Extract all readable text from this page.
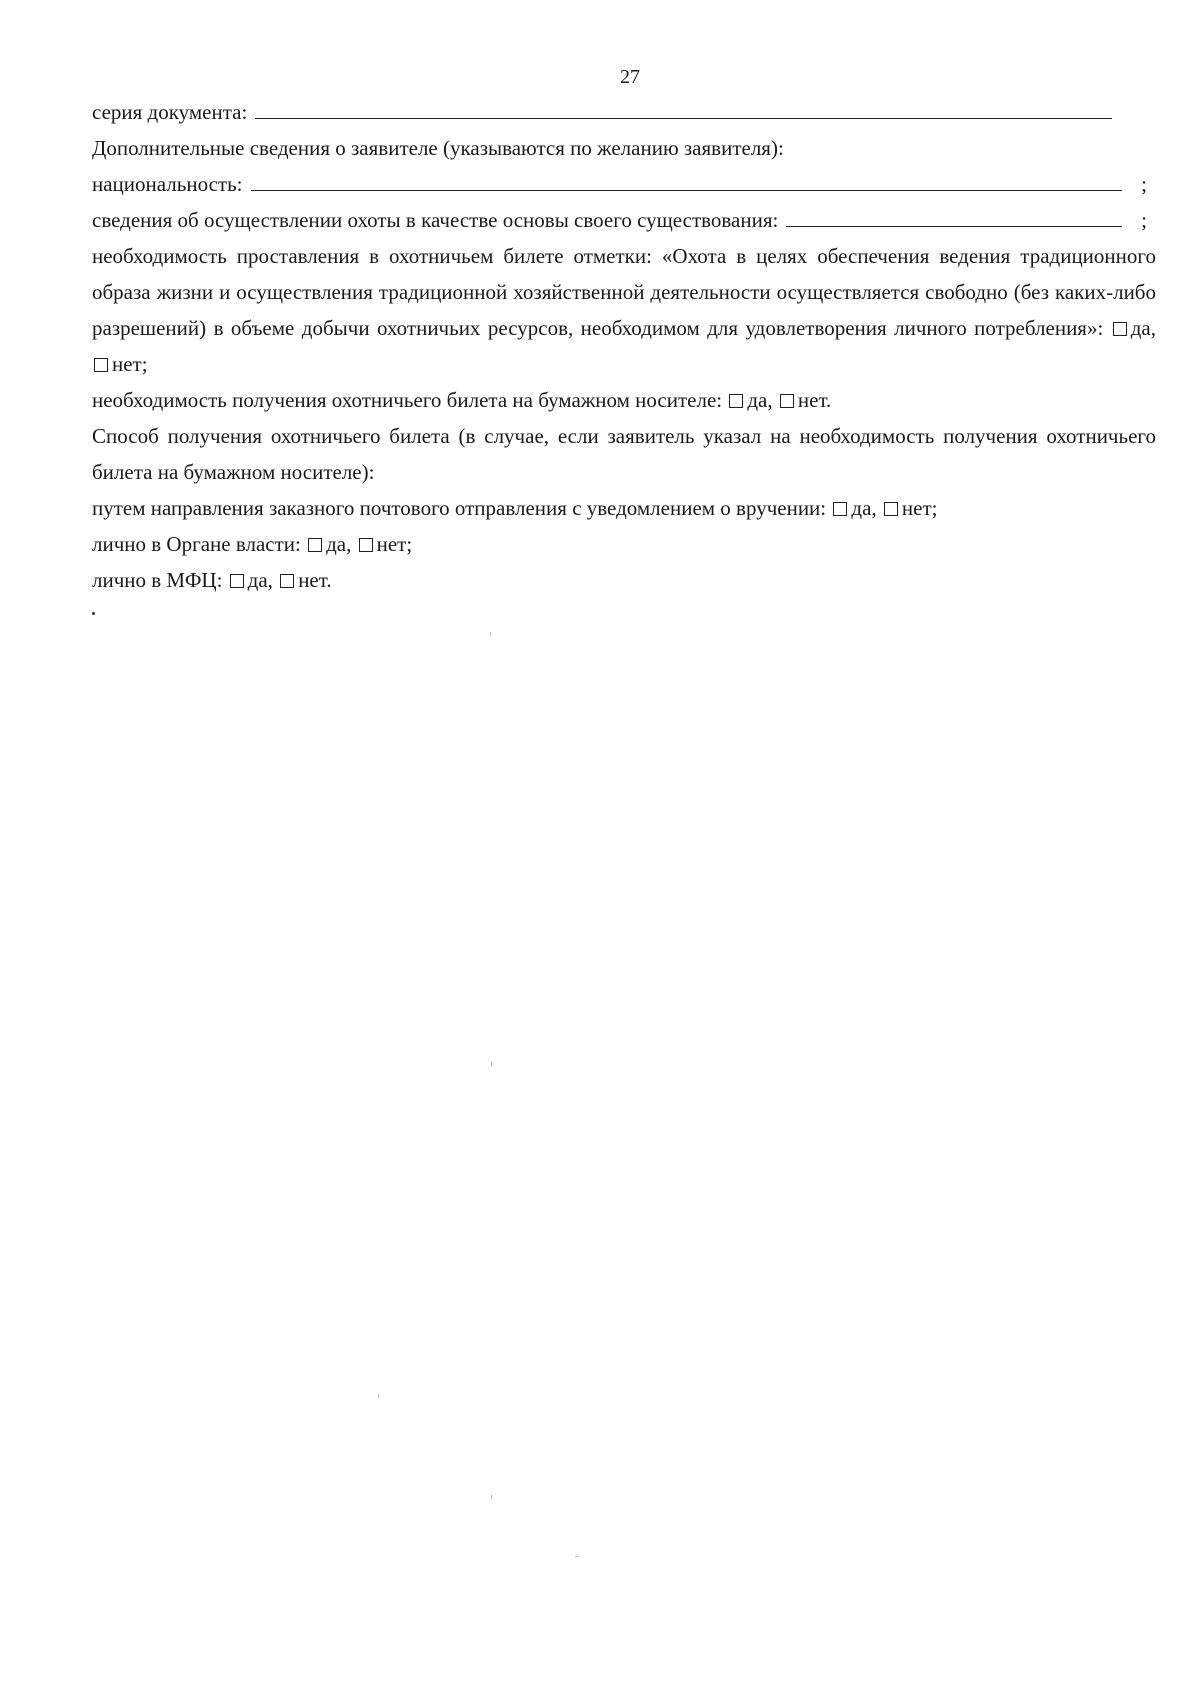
27
серия документа:
Дополнительные сведения о заявителе (указываются по желанию заявителя):
национальность:	;
сведения об осуществлении охоты в качестве основы своего существования:	;
необходимость проставления в охотничьем билете отметки: «Охота в целях обеспечения ведения традиционного образа жизни и осуществления традиционной хозяйственной деятельности осуществляется свободно (без каких-либо разрешений) в объеме добычи охотничьих ресурсов, необходимом для удовлетворения личного потребления»: да, нет;
необходимость получения охотничьего билета на бумажном носителе: да, нет.
Способ получения охотничьего билета (в случае, если заявитель указал на необходимость получения охотничьего билета на бумажном носителе):
путем направления заказного почтового отправления с уведомлением о вручении: да, нет;
лично в Органе власти: да, нет;
лично в МФЦ: да, нет.
